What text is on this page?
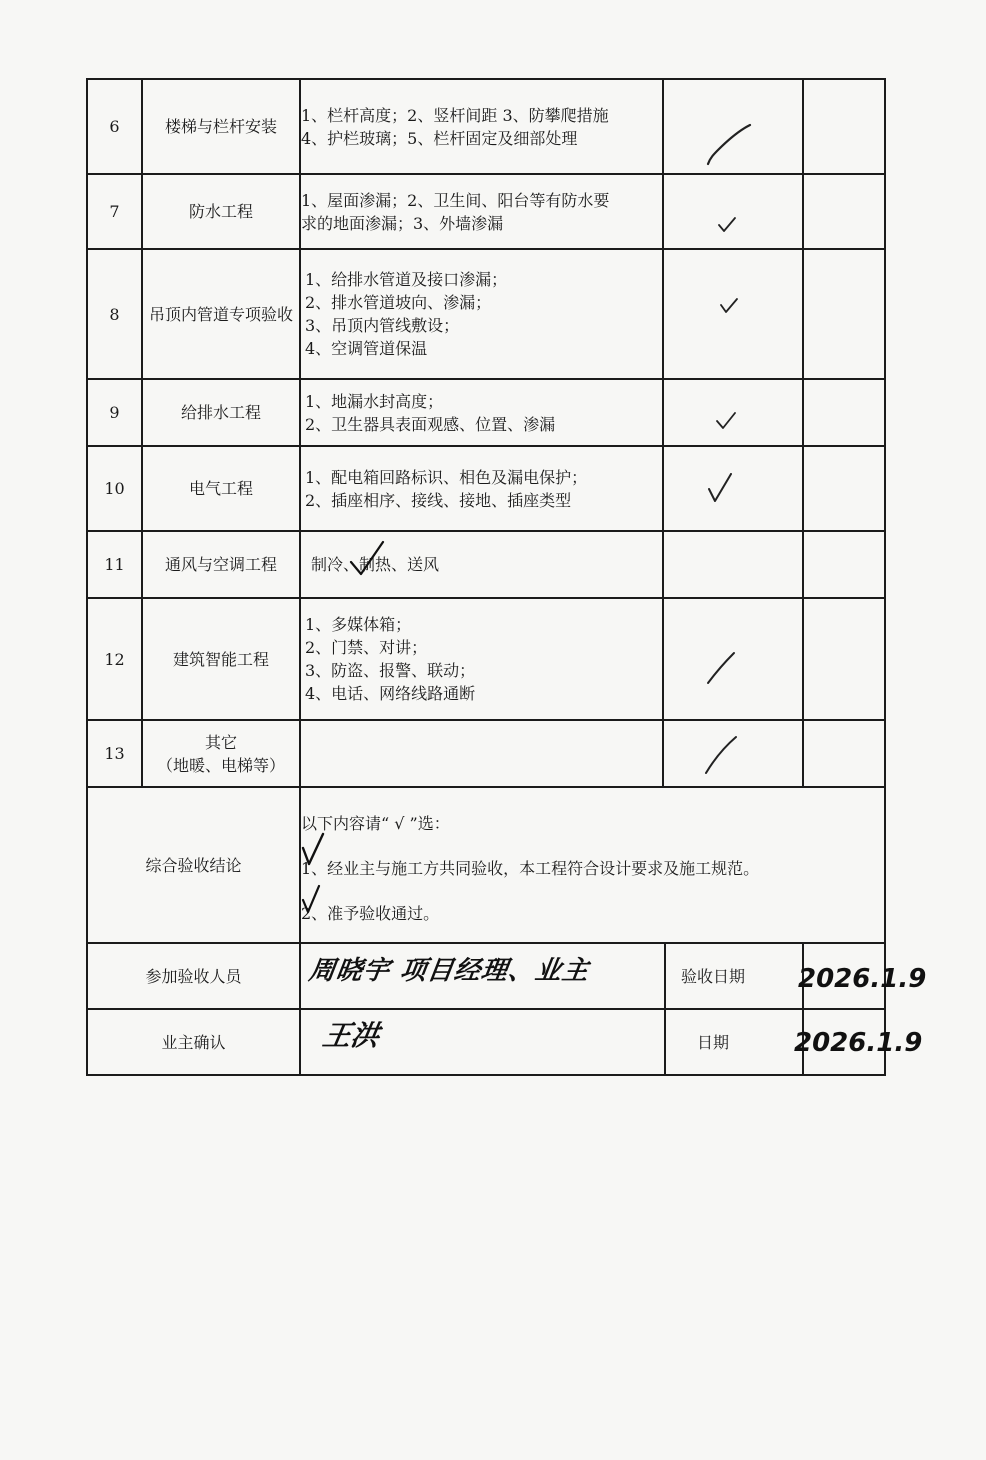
6	楼梯与栏杆安装	1、栏杆高度；2、竖杆间距 3、防攀爬措施
4、护栏玻璃；5、栏杆固定及细部处理

7	防水工程	1、屋面渗漏；2、卫生间、阳台等有防水要
求的地面渗漏；3、外墙渗漏

8	吊顶内管道专项验收	1、给排水管道及接口渗漏；
2、排水管道坡向、渗漏；
3、吊顶内管线敷设；
4、空调管道保温

9	给排水工程	1、地漏水封高度；
2、卫生器具表面观感、位置、渗漏

10	电气工程	1、配电箱回路标识、相色及漏电保护；
2、插座相序、接线、接地、插座类型

11	通风与空调工程	制冷、制热、送风		

12	建筑智能工程	1、多媒体箱；
2、门禁、对讲；
3、防盗、报警、联动；
4、电话、网络线路通断

13	其它
（地暖、电梯等）

综合验收结论		以下内容请“ √ ”选：
1、经业主与施工方共同验收，本工程符合设计要求及施工规范。
2、准予验收通过。		

参加验收人员		周晓宇 项目经理、业主 验收日期		2026.1.9

业主确认		王洪 日期		2026.1.9
